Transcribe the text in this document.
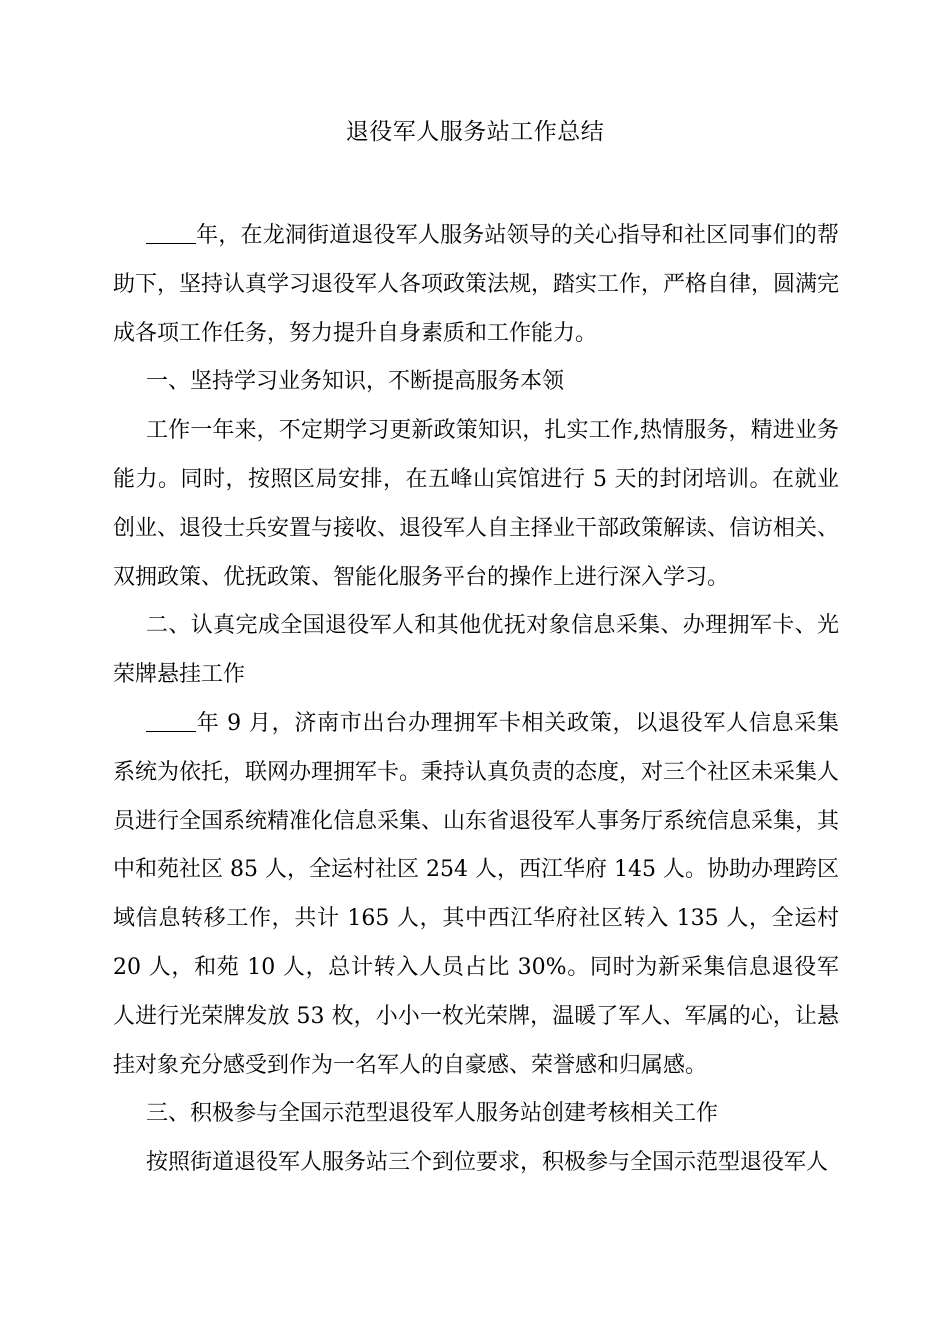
退役军人服务站工作总结

年，在龙洞街道退役军人服务站领导的关心指导和社区同事们的帮助下，坚持认真学习退役军人各项政策法规，踏实工作，严格自律，圆满完成各项工作任务，努力提升自身素质和工作能力。

一、坚持学习业务知识，不断提高服务本领

工作一年来，不定期学习更新政策知识，扎实工作,热情服务，精进业务能力。同时，按照区局安排，在五峰山宾馆进行 5 天的封闭培训。在就业创业、退役士兵安置与接收、退役军人自主择业干部政策解读、信访相关、双拥政策、优抚政策、智能化服务平台的操作上进行深入学习。

二、认真完成全国退役军人和其他优抚对象信息采集、办理拥军卡、光荣牌悬挂工作

年 9 月，济南市出台办理拥军卡相关政策，以退役军人信息采集系统为依托，联网办理拥军卡。秉持认真负责的态度，对三个社区未采集人员进行全国系统精准化信息采集、山东省退役军人事务厅系统信息采集，其中和苑社区 85 人，全运村社区 254 人，西江华府 145 人。协助办理跨区域信息转移工作，共计 165 人，其中西江华府社区转入 135 人，全运村 20 人，和苑 10 人，总计转入人员占比 30%。同时为新采集信息退役军人进行光荣牌发放 53 枚，小小一枚光荣牌，温暖了军人、军属的心，让悬挂对象充分感受到作为一名军人的自豪感、荣誉感和归属感。

三、积极参与全国示范型退役军人服务站创建考核相关工作

按照街道退役军人服务站三个到位要求，积极参与全国示范型退役军人
